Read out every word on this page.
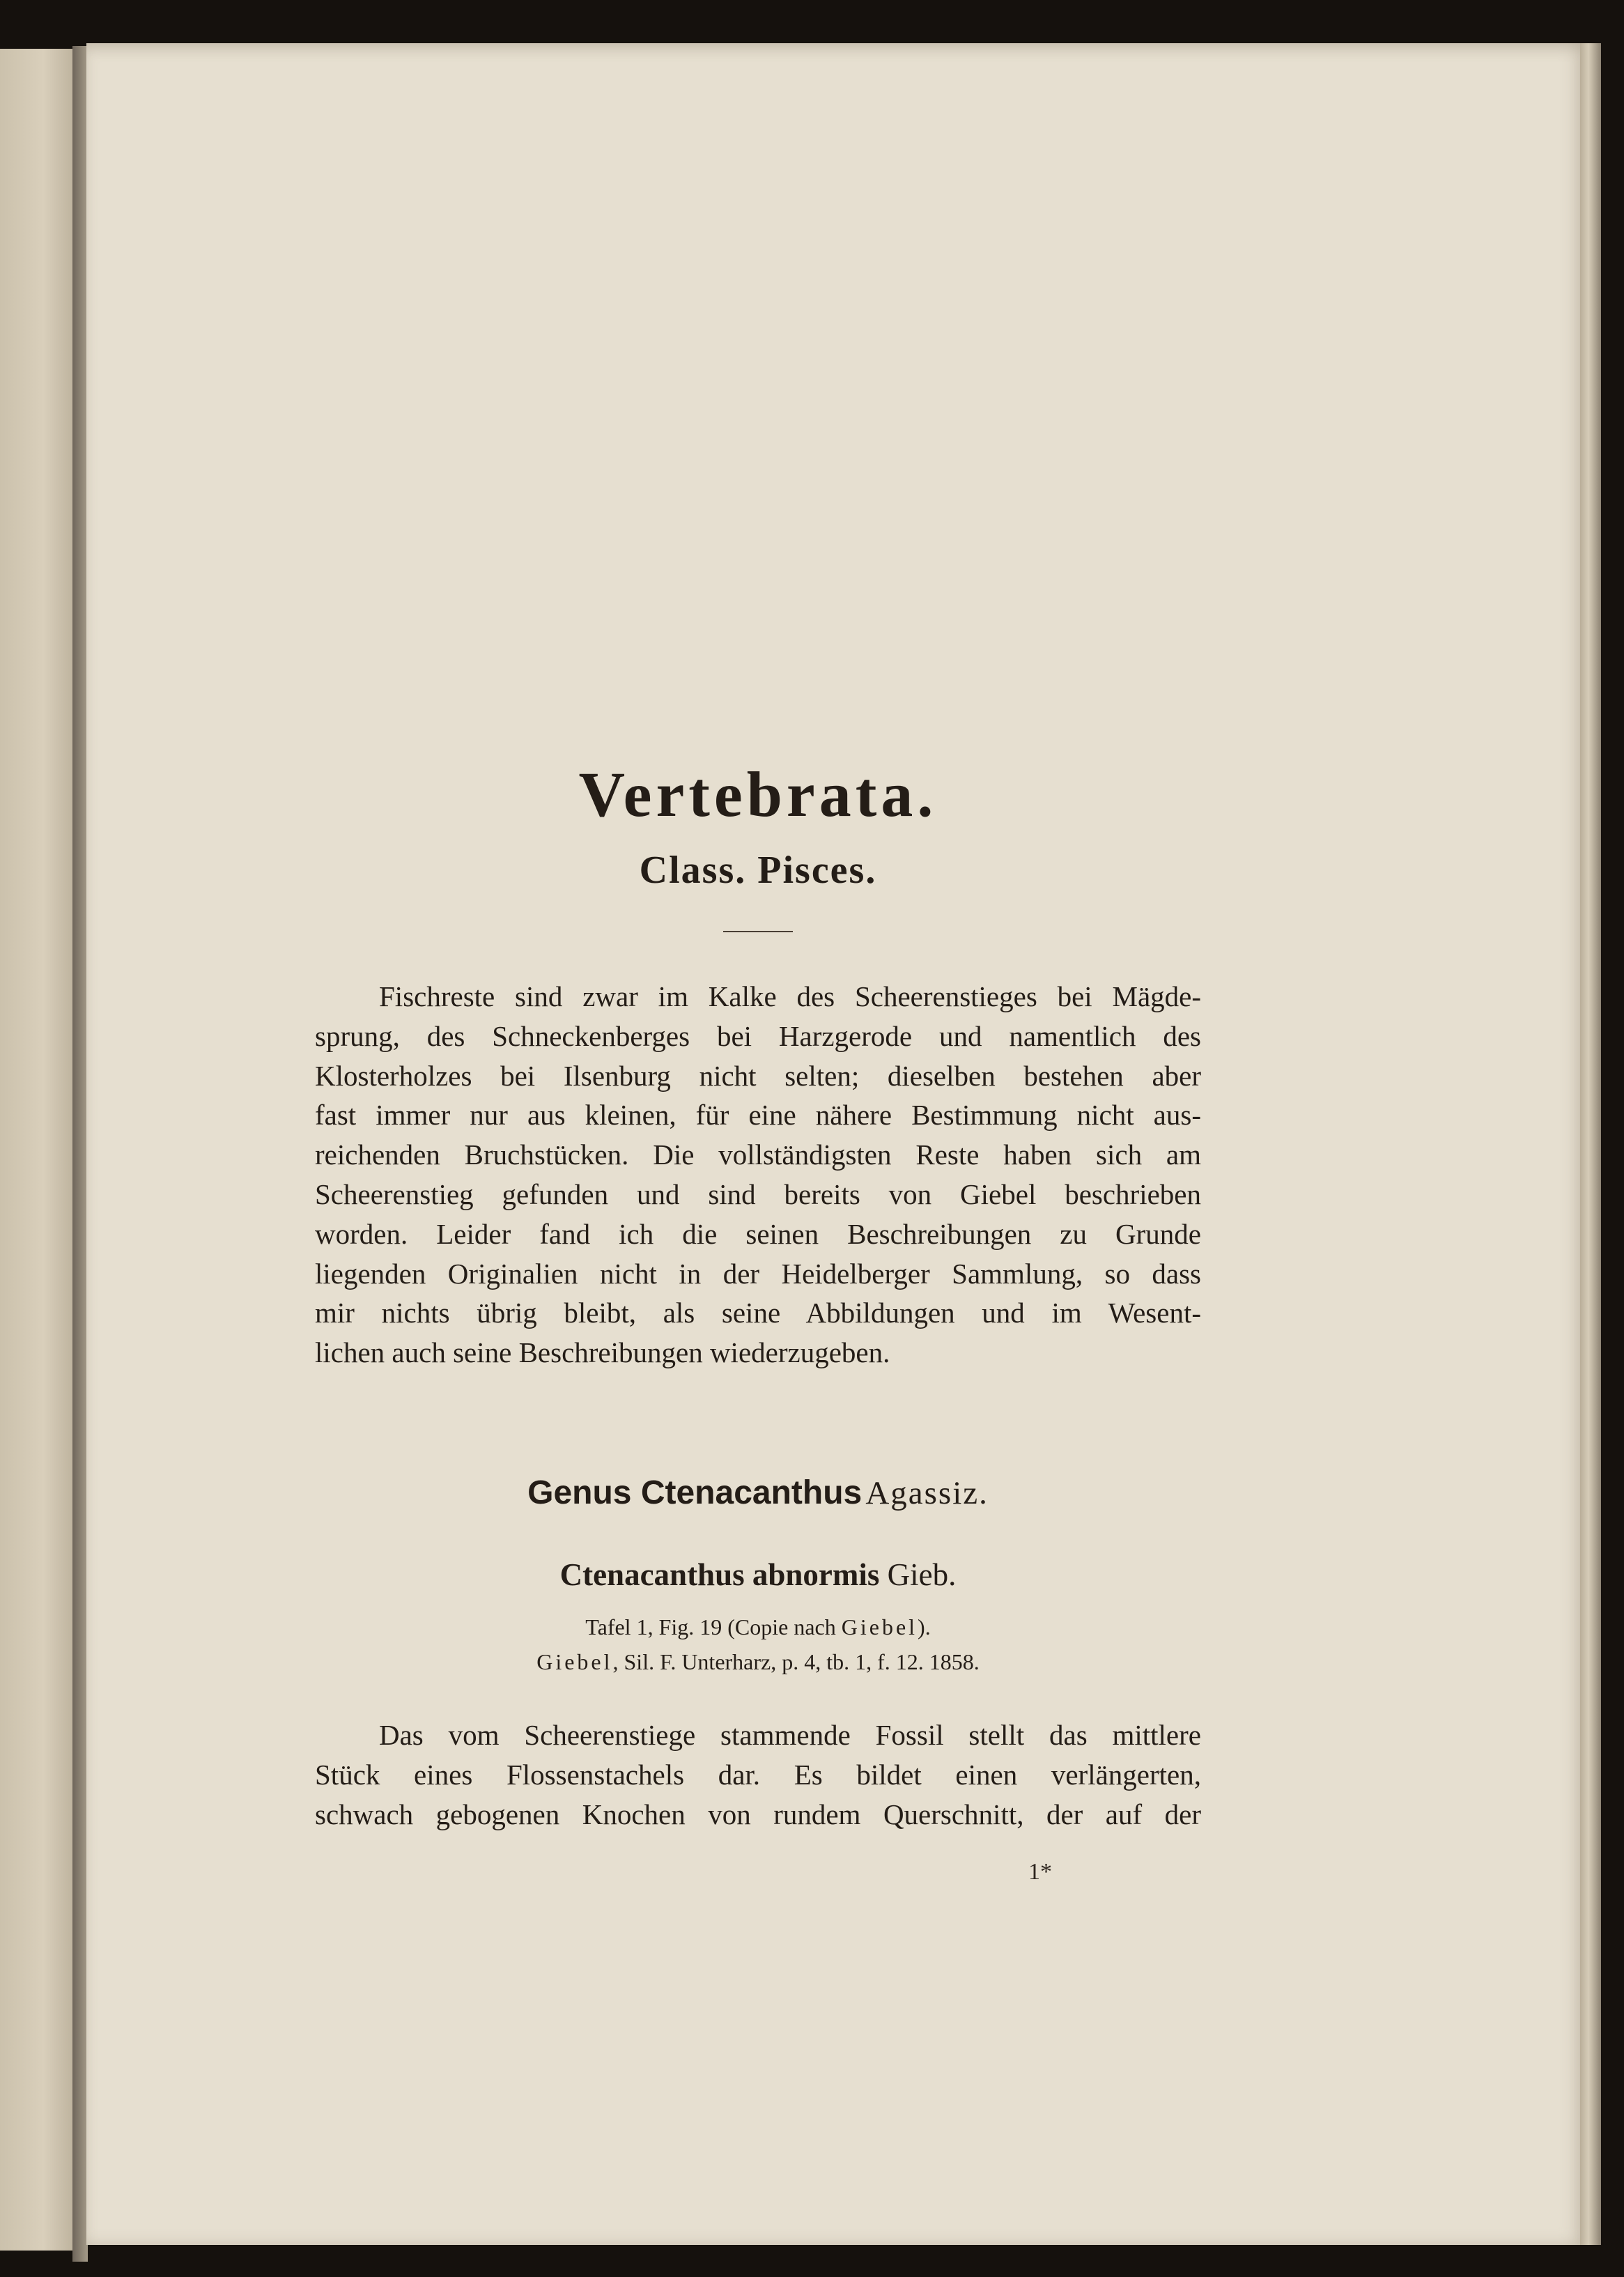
Vertebrata.
Class. Pisces.
Fischreste sind zwar im Kalke des Scheerenstieges bei Mägde-
sprung, des Schneckenberges bei Harzgerode und namentlich des
Klosterholzes bei Ilsenburg nicht selten; dieselben bestehen aber
fast immer nur aus kleinen, für eine nähere Bestimmung nicht aus-
reichenden Bruchstücken. Die vollständigsten Reste haben sich am
Scheerenstieg gefunden und sind bereits von Giebel beschrieben
worden. Leider fand ich die seinen Beschreibungen zu Grunde
liegenden Originalien nicht in der Heidelberger Sammlung, so dass
mir nichts übrig bleibt, als seine Abbildungen und im Wesent-
lichen auch seine Beschreibungen wiederzugeben.
Genus Ctenacanthus Agassiz.
Ctenacanthus abnormis Gieb.

Tafel 1, Fig. 19 (Copie nach Giebel).

Giebel, Sil. F. Unterharz, p. 4, tb. 1, f. 12. 1858.

Das vom Scheerenstiege stammende Fossil stellt das mittlere
Stück eines Flossenstachels dar. Es bildet einen verlängerten,
schwach gebogenen Knochen von rundem Querschnitt, der auf der
1*
